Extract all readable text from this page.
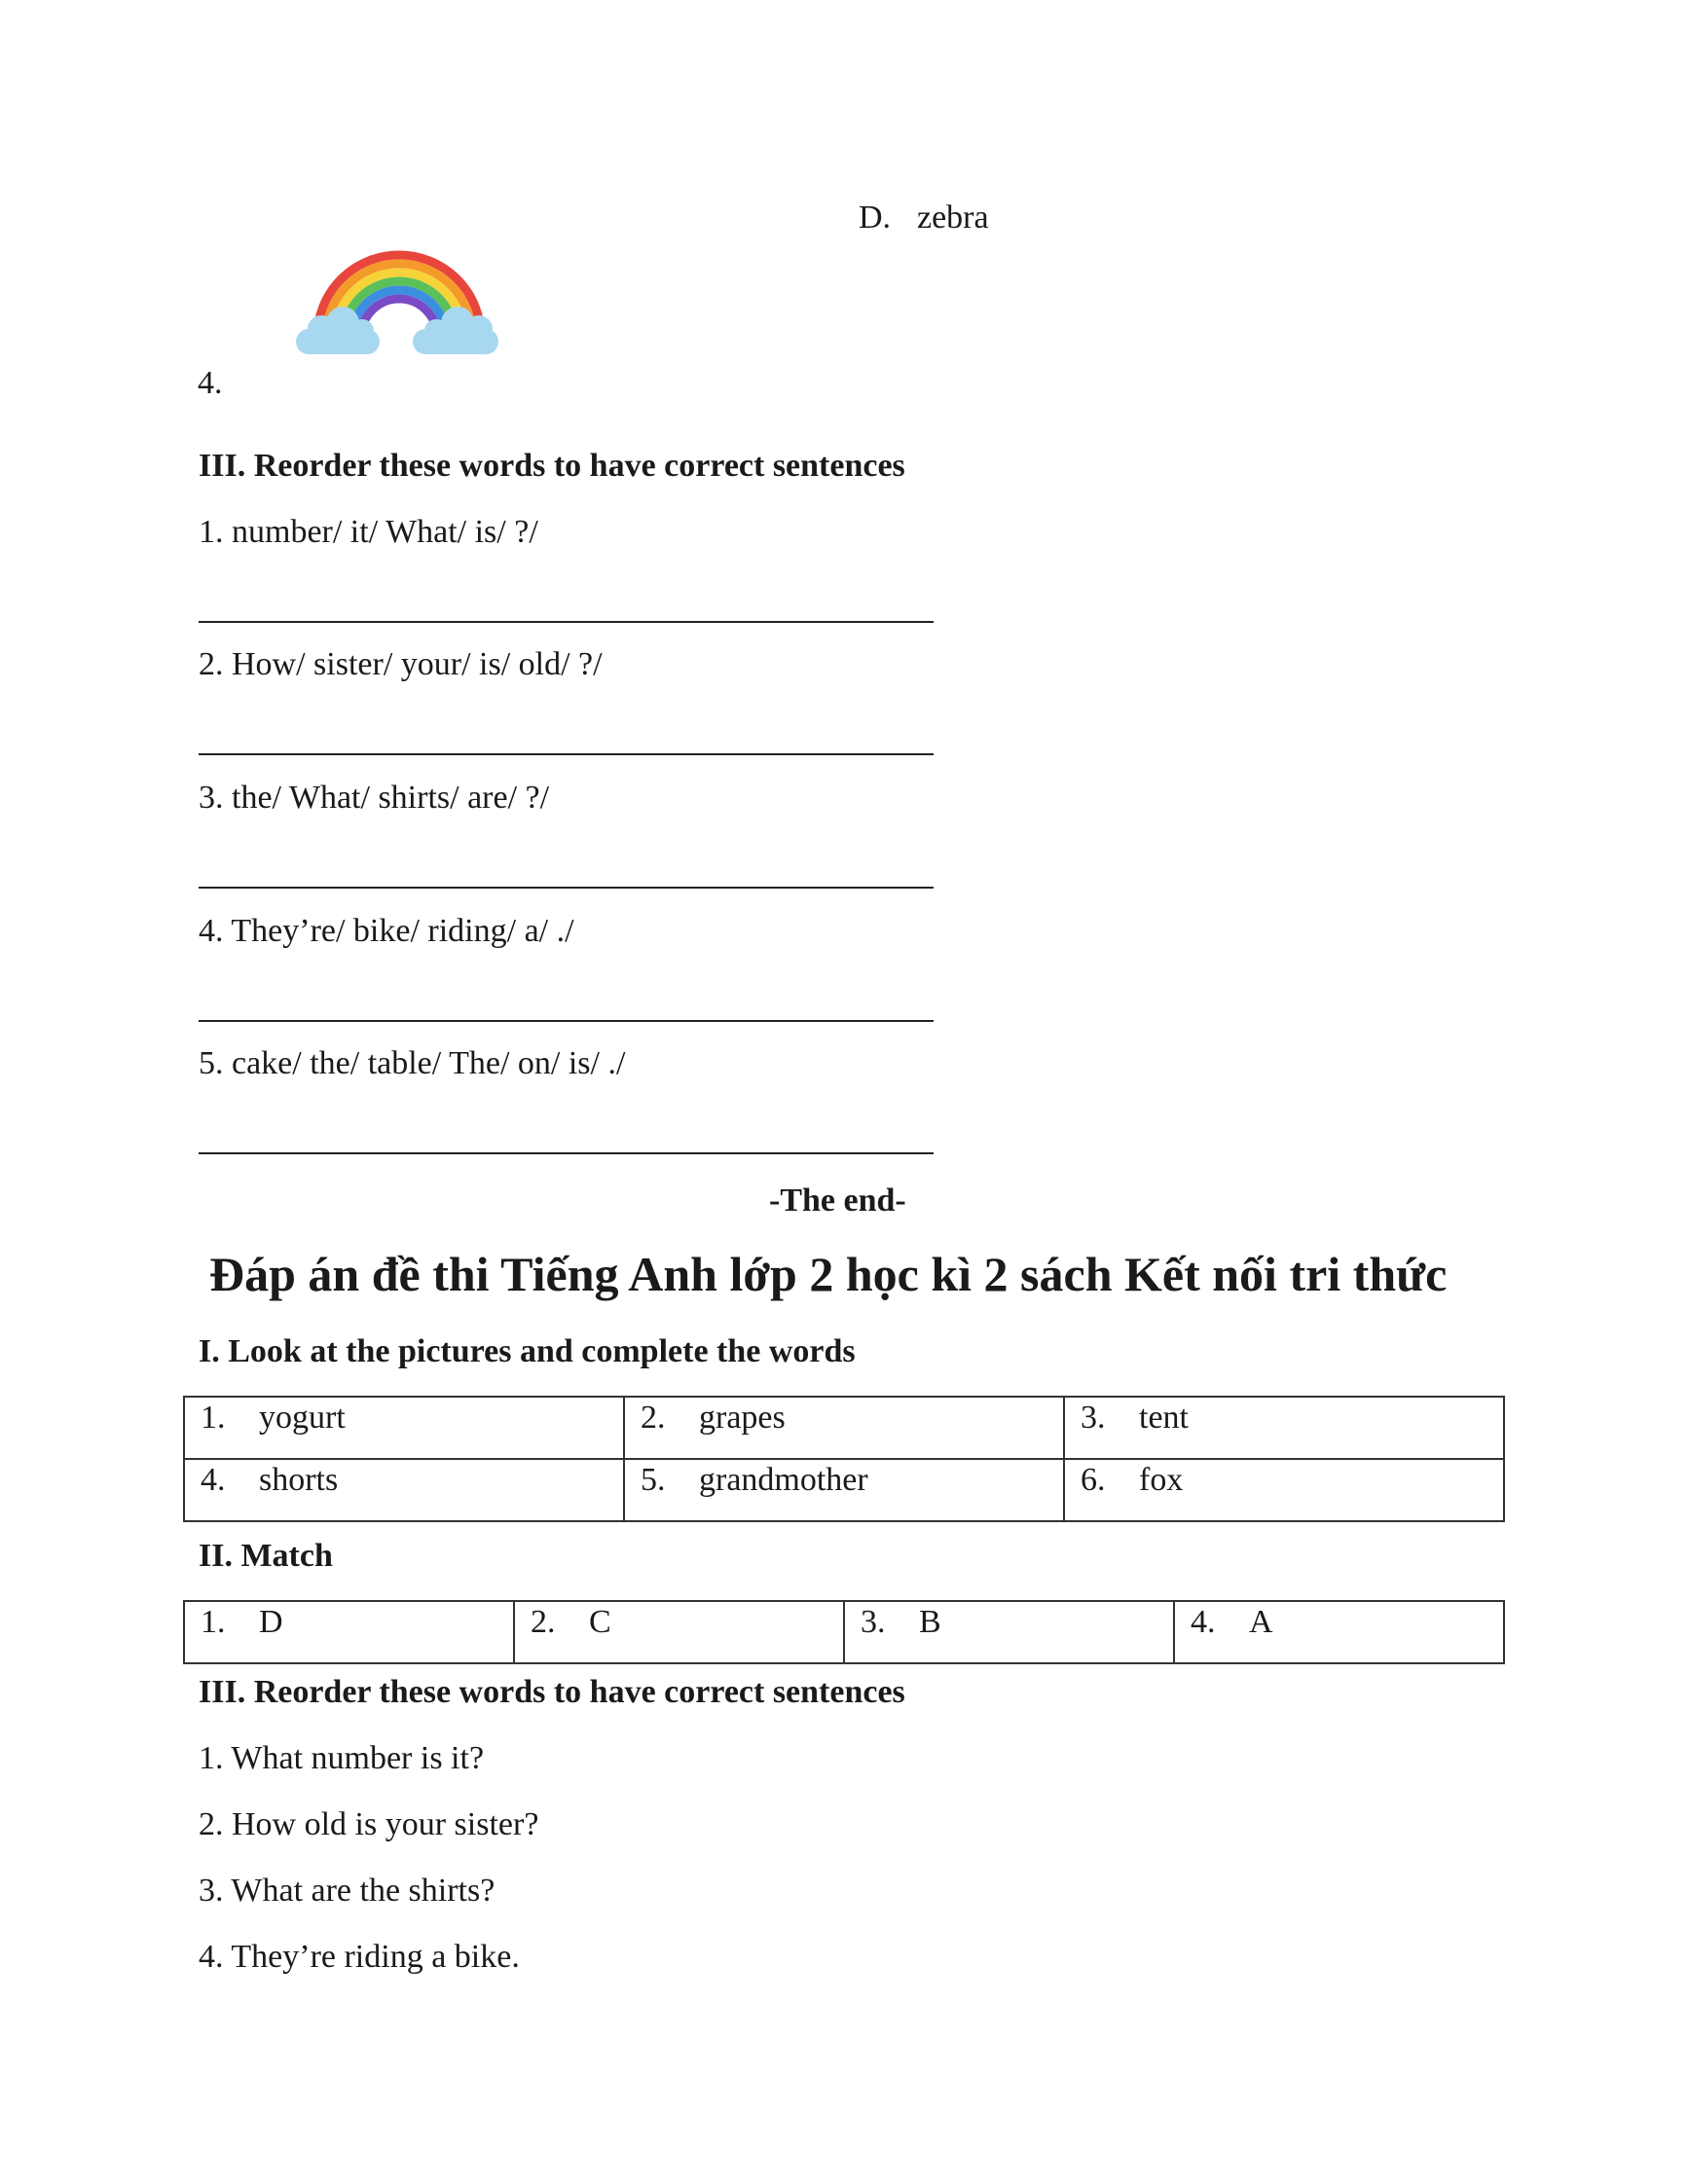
D. zebra
4.
III. Reorder these words to have correct sentences
1. number/ it/ What/ is/ ?/
2. How/ sister/ your/ is/ old/ ?/
3. the/ What/ shirts/ are/ ?/
4. They’re/ bike/ riding/ a/ ./
5. cake/ the/ table/ The/ on/ is/ ./
-The end-
Đáp án đề thi Tiếng Anh lớp 2 học kì 2 sách Kết nối tri thức
I. Look at the pictures and complete the words
1. yogurt	2. grapes	3. tent
4. shorts	5. grandmother	6. fox
II. Match
1. D	2. C	3. B	4. A
III. Reorder these words to have correct sentences
1. What number is it?
2. How old is your sister?
3. What are the shirts?
4. They’re riding a bike.
